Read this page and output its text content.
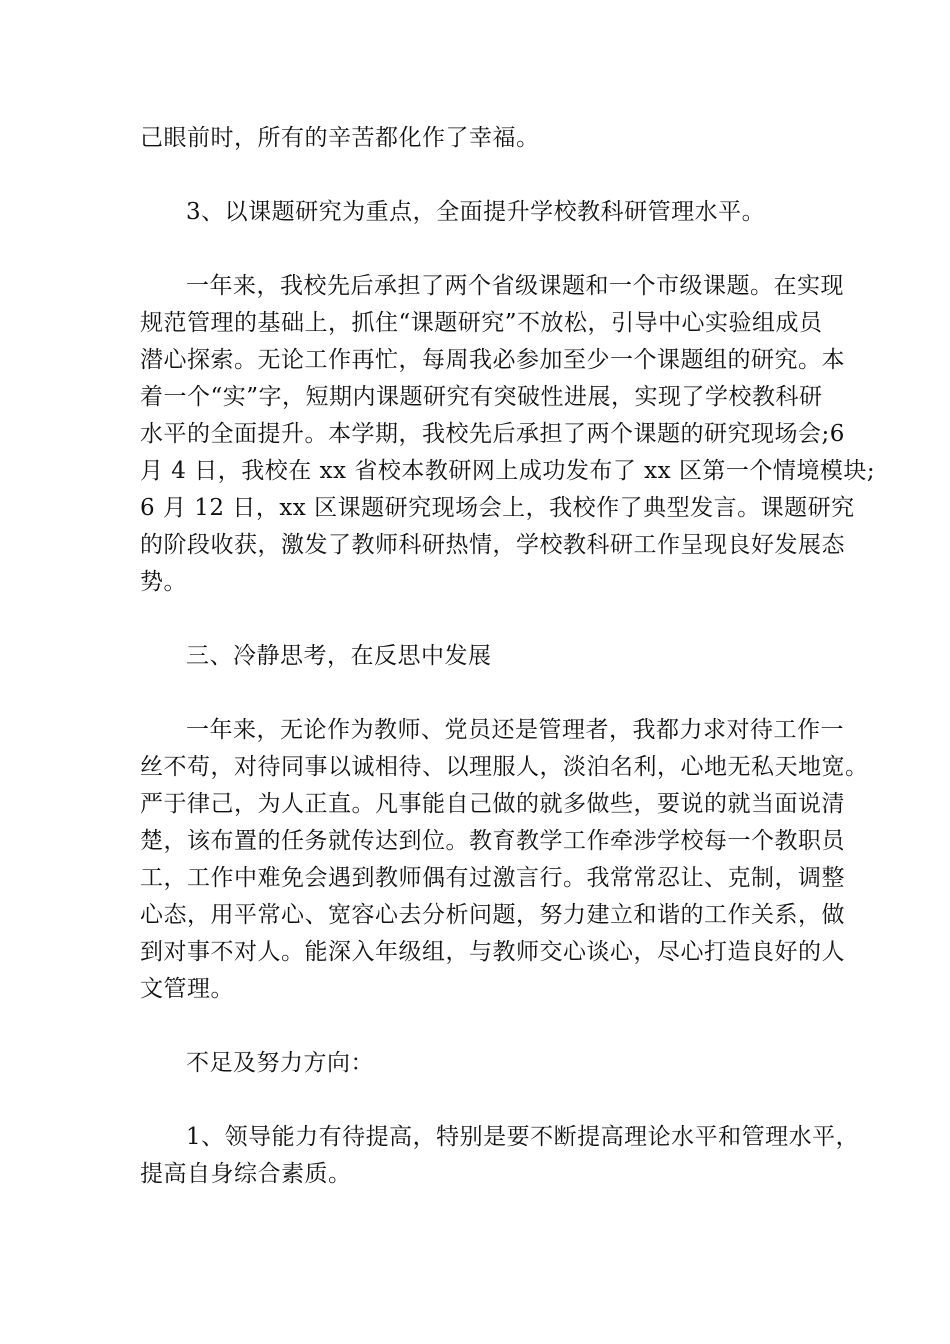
己眼前时，所有的辛苦都化作了幸福。
3、以课题研究为重点，全面提升学校教科研管理水平。
一年来，我校先后承担了两个省级课题和一个市级课题。在实现
规范管理的基础上，抓住“课题研究”不放松，引导中心实验组成员
潜心探索。无论工作再忙，每周我必参加至少一个课题组的研究。本
着一个“实”字，短期内课题研究有突破性进展，实现了学校教科研
水平的全面提升。本学期，我校先后承担了两个课题的研究现场会;6
月 4 日，我校在 xx 省校本教研网上成功发布了 xx 区第一个情境模块;
6 月 12 日，xx 区课题研究现场会上，我校作了典型发言。课题研究
的阶段收获，激发了教师科研热情，学校教科研工作呈现良好发展态
势。
三、冷静思考，在反思中发展
一年来，无论作为教师、党员还是管理者，我都力求对待工作一
丝不苟，对待同事以诚相待、以理服人，淡泊名利，心地无私天地宽。
严于律己，为人正直。凡事能自己做的就多做些，要说的就当面说清
楚，该布置的任务就传达到位。教育教学工作牵涉学校每一个教职员
工，工作中难免会遇到教师偶有过激言行。我常常忍让、克制，调整
心态，用平常心、宽容心去分析问题，努力建立和谐的工作关系，做
到对事不对人。能深入年级组，与教师交心谈心，尽心打造良好的人
文管理。
不足及努力方向：
1、领导能力有待提高，特别是要不断提高理论水平和管理水平，
提高自身综合素质。
